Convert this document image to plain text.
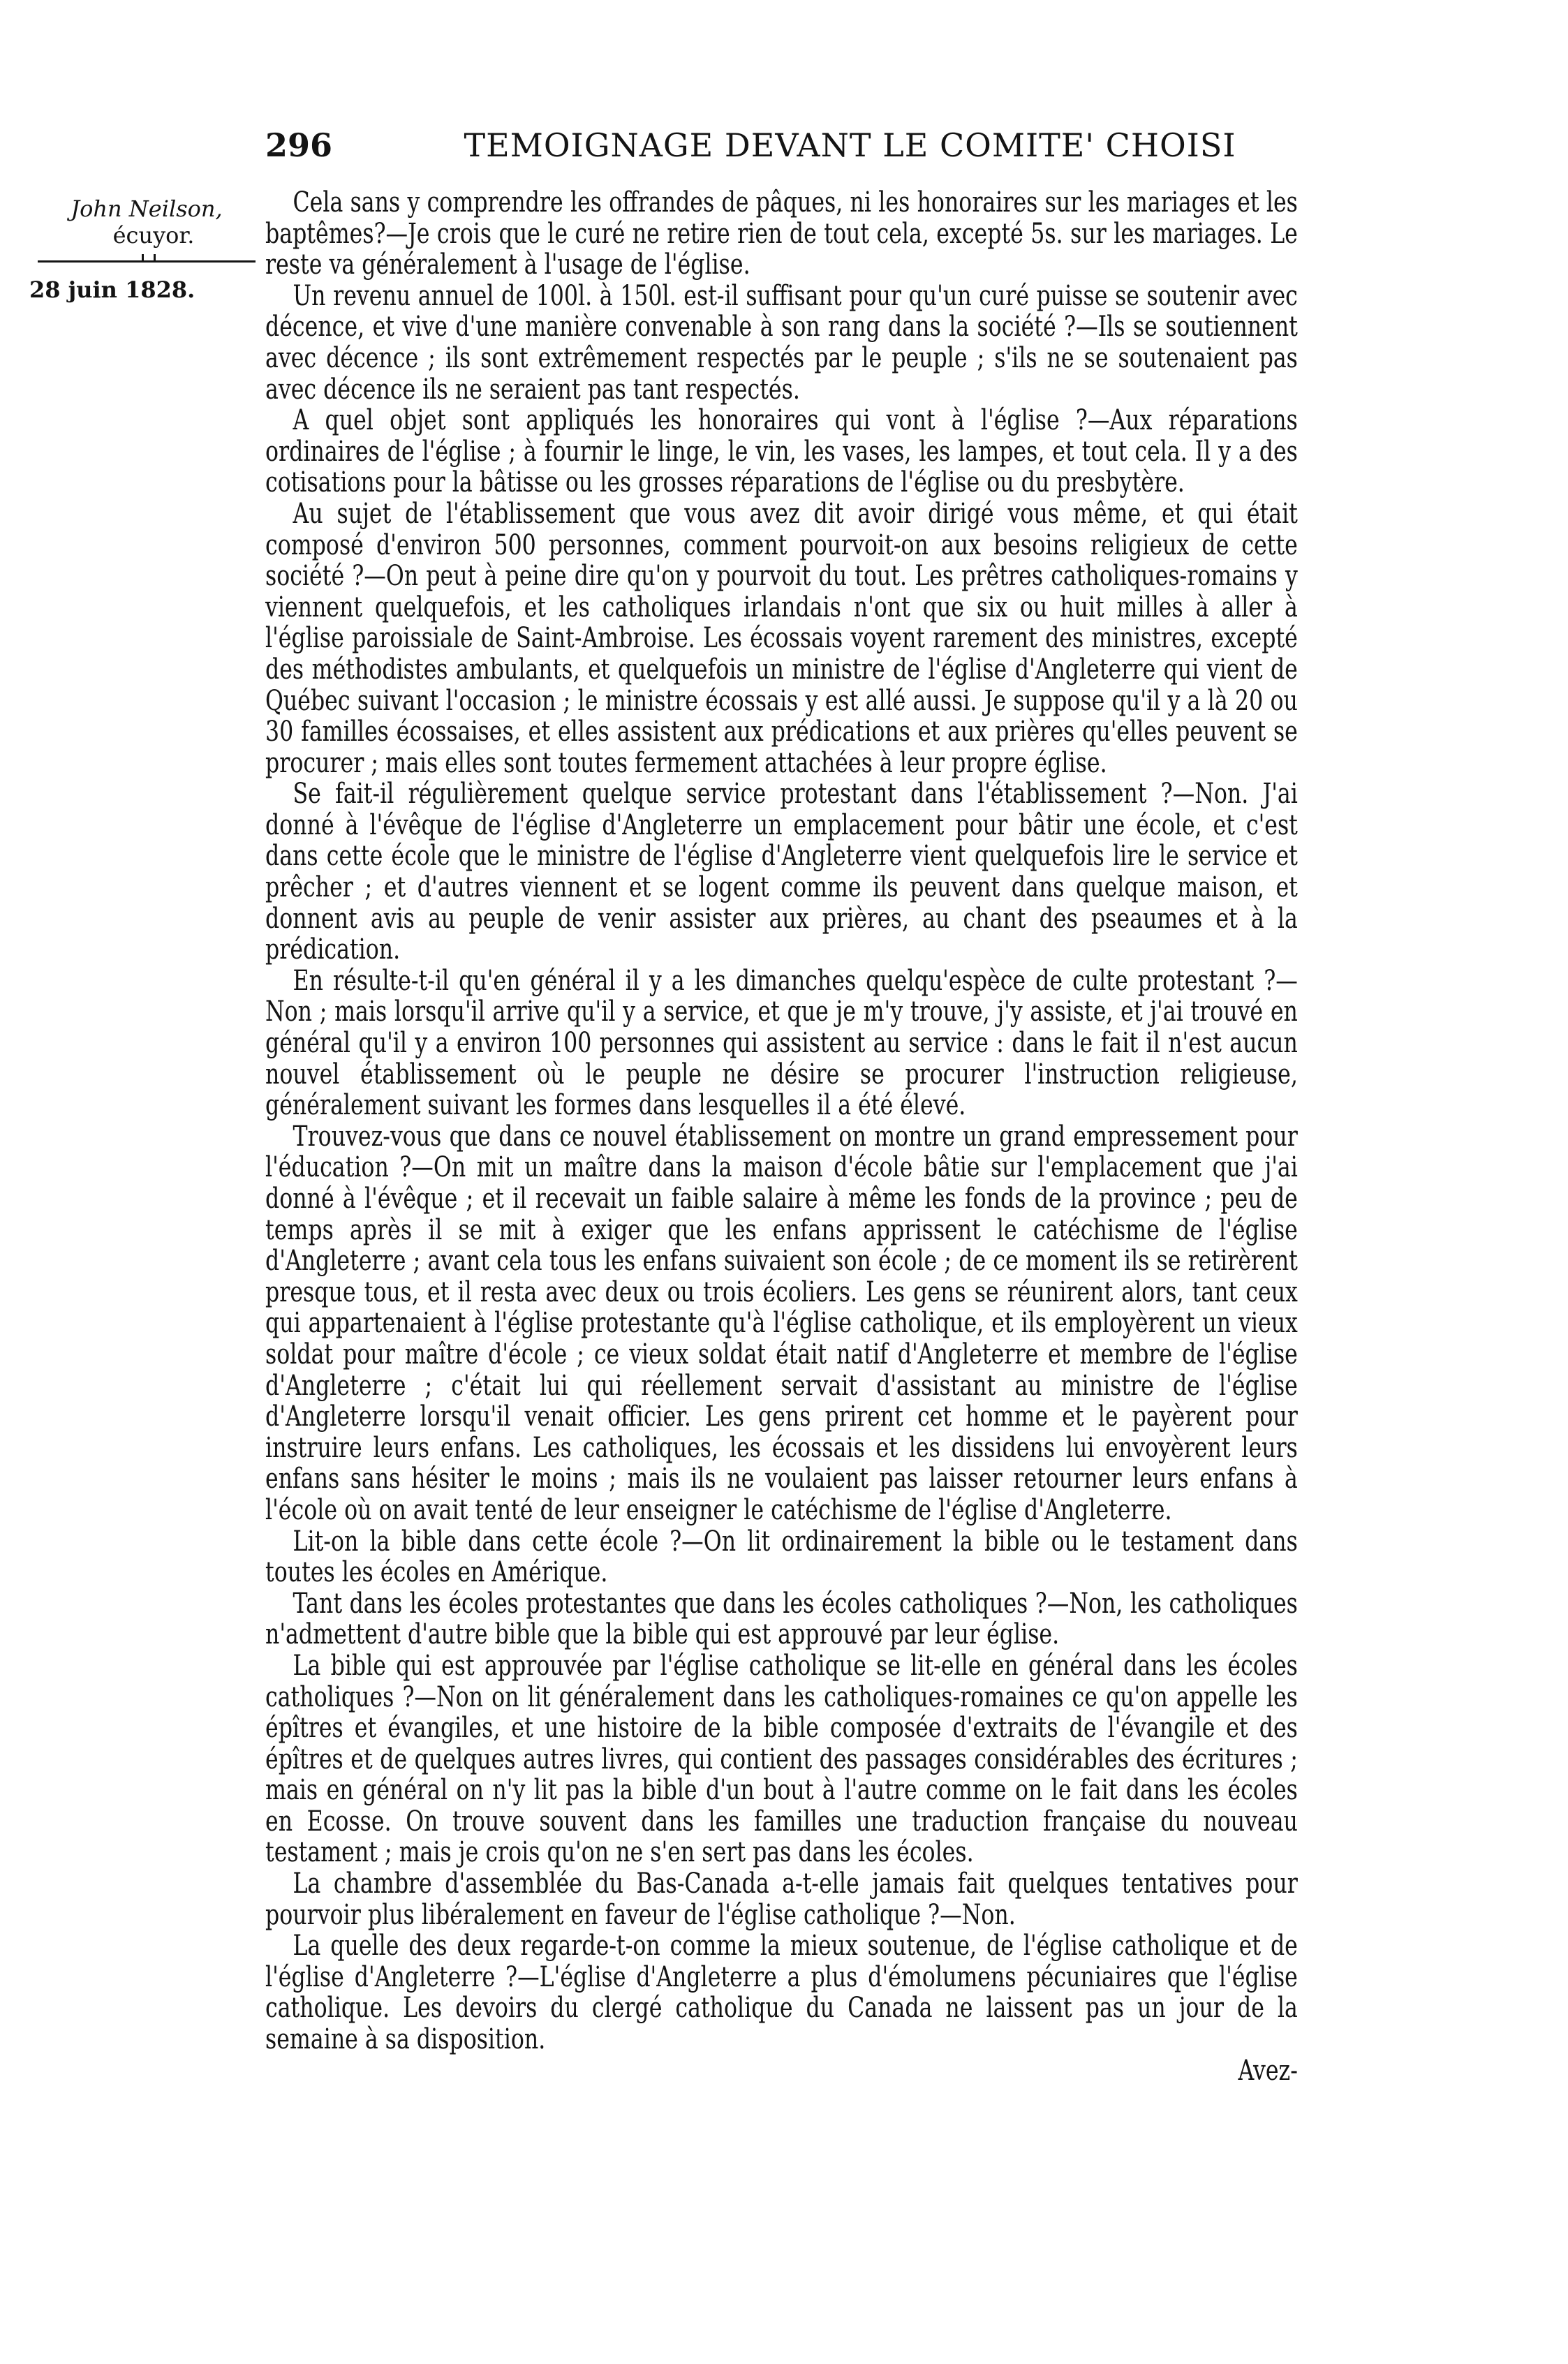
296	TEMOIGNAGE DEVANT LE COMITE' CHOISI
John Neilson,
écuyor.
28 juin 1828.

Cela sans y comprendre les offrandes de pâques, ni les honoraires sur les mariages et les baptêmes?—Je crois que le curé ne retire rien de tout cela, excepté 5s. sur les mariages. Le reste va généralement à l'usage de l'église.

Un revenu annuel de 100l. à 150l. est-il suffisant pour qu'un curé puisse se soutenir avec décence, et vive d'une manière convenable à son rang dans la société ?—Ils se soutiennent avec décence ; ils sont extrêmement respectés par le peuple ; s'ils ne se soutenaient pas avec décence ils ne seraient pas tant respectés.

A quel objet sont appliqués les honoraires qui vont à l'église ?—Aux réparations ordinaires de l'église ; à fournir le linge, le vin, les vases, les lampes, et tout cela. Il y a des cotisations pour la bâtisse ou les grosses réparations de l'église ou du presbytère.

Au sujet de l'établissement que vous avez dit avoir dirigé vous même, et qui était composé d'environ 500 personnes, comment pourvoit-on aux besoins religieux de cette société ?—On peut à peine dire qu'on y pourvoit du tout. Les prêtres catholiques-romains y viennent quelquefois, et les catholiques irlandais n'ont que six ou huit milles à aller à l'église paroissiale de Saint-Ambroise. Les écossais voyent rarement des ministres, excepté des méthodistes ambulants, et quelquefois un ministre de l'église d'Angleterre qui vient de Québec suivant l'occasion ; le ministre écossais y est allé aussi. Je suppose qu'il y a là 20 ou 30 familles écossaises, et elles assistent aux prédications et aux prières qu'elles peuvent se procurer ; mais elles sont toutes fermement attachées à leur propre église.

Se fait-il régulièrement quelque service protestant dans l'établissement ?—Non. J'ai donné à l'évêque de l'église d'Angleterre un emplacement pour bâtir une école, et c'est dans cette école que le ministre de l'église d'Angleterre vient quelquefois lire le service et prêcher ; et d'autres viennent et se logent comme ils peuvent dans quelque maison, et donnent avis au peuple de venir assister aux prières, au chant des pseaumes et à la prédication.

En résulte-t-il qu'en général il y a les dimanches quelqu'espèce de culte protestant ?—Non ; mais lorsqu'il arrive qu'il y a service, et que je m'y trouve, j'y assiste, et j'ai trouvé en général qu'il y a environ 100 personnes qui assistent au service : dans le fait il n'est aucun nouvel établissement où le peuple ne désire se procurer l'instruction religieuse, généralement suivant les formes dans lesquelles il a été élevé.

Trouvez-vous que dans ce nouvel établissement on montre un grand empressement pour l'éducation ?—On mit un maître dans la maison d'école bâtie sur l'emplacement que j'ai donné à l'évêque ; et il recevait un faible salaire à même les fonds de la province ; peu de temps après il se mit à exiger que les enfans apprissent le catéchisme de l'église d'Angleterre ; avant cela tous les enfans suivaient son école ; de ce moment ils se retirèrent presque tous, et il resta avec deux ou trois écoliers. Les gens se réunirent alors, tant ceux qui appartenaient à l'église protestante qu'à l'église catholique, et ils employèrent un vieux soldat pour maître d'école ; ce vieux soldat était natif d'Angleterre et membre de l'église d'Angleterre ; c'était lui qui réellement servait d'assistant au ministre de l'église d'Angleterre lorsqu'il venait officier. Les gens prirent cet homme et le payèrent pour instruire leurs enfans. Les catholiques, les écossais et les dissidens lui envoyèrent leurs enfans sans hésiter le moins ; mais ils ne voulaient pas laisser retourner leurs enfans à l'école où on avait tenté de leur enseigner le catéchisme de l'église d'Angleterre.

Lit-on la bible dans cette école ?—On lit ordinairement la bible ou le testament dans toutes les écoles en Amérique.

Tant dans les écoles protestantes que dans les écoles catholiques ?—Non, les catholiques n'admettent d'autre bible que la bible qui est approuvé par leur église.

La bible qui est approuvée par l'église catholique se lit-elle en général dans les écoles catholiques ?—Non on lit généralement dans les catholiques-romaines ce qu'on appelle les épîtres et évangiles, et une histoire de la bible composée d'extraits de l'évangile et des épîtres et de quelques autres livres, qui contient des passages considérables des écritures ; mais en général on n'y lit pas la bible d'un bout à l'autre comme on le fait dans les écoles en Ecosse. On trouve souvent dans les familles une traduction française du nouveau testament ; mais je crois qu'on ne s'en sert pas dans les écoles.

La chambre d'assemblée du Bas-Canada a-t-elle jamais fait quelques tentatives pour pourvoir plus libéralement en faveur de l'église catholique ?—Non.

La quelle des deux regarde-t-on comme la mieux soutenue, de l'église catholique et de l'église d'Angleterre ?—L'église d'Angleterre a plus d'émolumens pécuniaires que l'église catholique. Les devoirs du clergé catholique du Canada ne laissent pas un jour de la semaine à sa disposition.

Avez-
